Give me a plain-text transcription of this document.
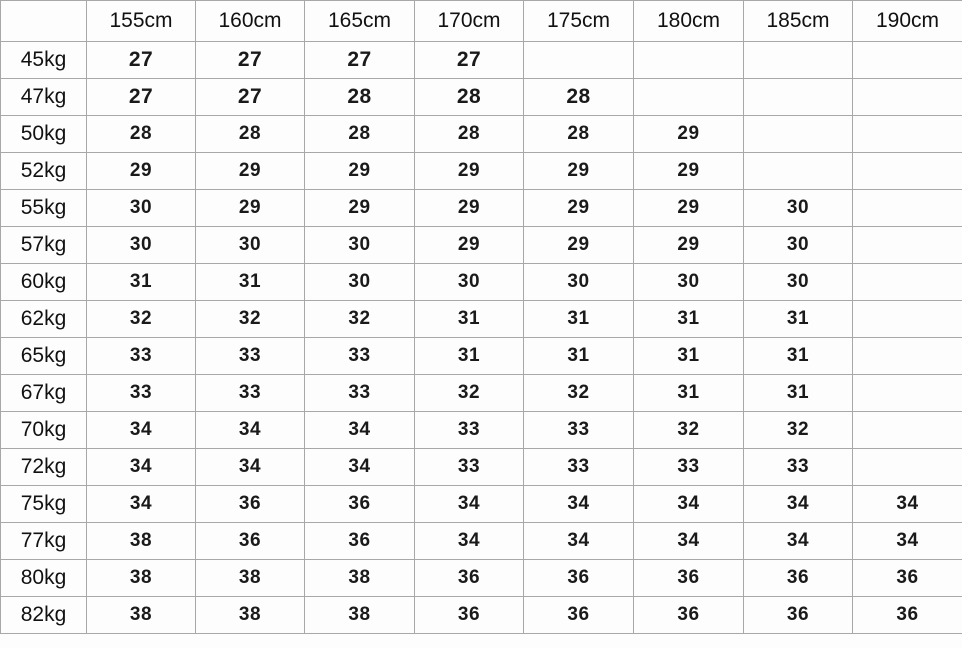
	155cm	160cm	165cm	170cm	175cm	180cm	185cm	190cm
45kg	27	27	27	27				
47kg	27	27	28	28	28			
50kg	28	28	28	28	28	29		
52kg	29	29	29	29	29	29		
55kg	30	29	29	29	29	29	30	
57kg	30	30	30	29	29	29	30	
60kg	31	31	30	30	30	30	30	
62kg	32	32	32	31	31	31	31	
65kg	33	33	33	31	31	31	31	
67kg	33	33	33	32	32	31	31	
70kg	34	34	34	33	33	32	32	
72kg	34	34	34	33	33	33	33	
75kg	34	36	36	34	34	34	34	34
77kg	38	36	36	34	34	34	34	34
80kg	38	38	38	36	36	36	36	36
82kg	38	38	38	36	36	36	36	36
